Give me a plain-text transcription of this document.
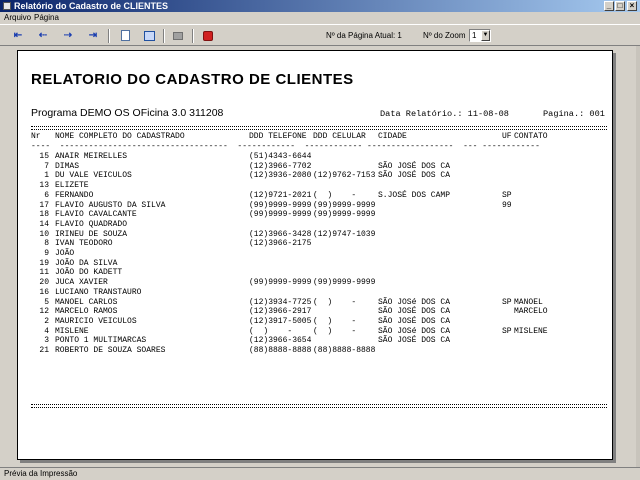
Relatório do Cadastro de CLIENTES	_ □ ×
Arquivo Página
⇤	⇠	⇢	⇥	Nº da Página Atual: 1	Nº do Zoom 1 ▼
RELATORIO DO CADASTRO DE CLIENTES
Programa DEMO OS OFicina 3.0 311208	Data Relatório.: 11-08-08	Pagina.: 001
Nr NOME COMPLETO DO CADASTRADO	DDD TELEFONE DDD CELULAR CIDADE	UF CONTATO
----  -----------------------------------  ------------  ------------ ------------------  --- ------------
15 ANAIR MEIRELLES	(51)4343-6644
7 DIMAS	(12)3966-7702	SÃO JOSÉ DOS CA
1 DU VALE VEICULOS	(12)3936-2080 (12)9762-7153 SÃO JOSÉ DOS CA
13 ELIZETE
6 FERNANDO	(12)9721-2021 (  )    -	S.JOSÉ DOS CAMP	SP
17 FLAVIO AUGUSTO DA SILVA	(99)9999-9999 (99)9999-9999	99
18 FLAVIO CAVALCANTE	(99)9999-9999 (99)9999-9999
14 FLAVIO QUADRADO
10 IRINEU DE SOUZA	(12)3966-3428 (12)9747-1039
8 IVAN TEODORO	(12)3966-2175
9 JOÃO
19 JOÃO DA SILVA
11 JOÃO DO KADETT
20 JUCA XAVIER	(99)9999-9999 (99)9999-9999
16 LUCIANO TRANSTAURO
5 MANOEL CARLOS	(12)3934-7725 (  )    -	SÃO JOSé DOS CA	SP MANOEL
12 MARCELO RAMOS	(12)3966-2917	SÃO JOSÉ DOS CA	MARCELO
2 MAURICIO VEICULOS	(12)3917-5005 (  )    -	SÃO JOSÉ DOS CA
4 MISLENE	(  )    -	(  )    -	SÃO JOSé DOS CA	SP MISLENE
3 PONTO 1 MULTIMARCAS	(12)3966-3654	SÃO JOSÉ DOS CA
21 ROBERTO DE SOUZA SOARES	(88)8888-8888 (88)8888-8888
Prévia da Impressão
